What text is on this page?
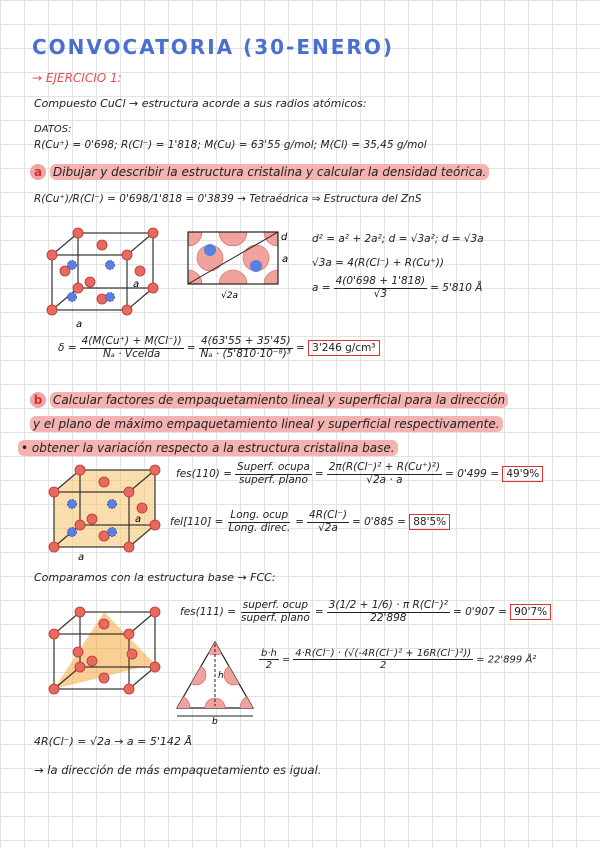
CONVOCATORIA (30-ENERO)
→ EJERCICIO 1:
Compuesto CuCl → estructura acorde a sus radios atómicos:
DATOS:
R(Cu⁺) = 0'698; R(Cl⁻) = 1'818; M(Cu) = 63'55 g/mol; M(Cl) = 35,45 g/mol
a Dibujar y describir la estructura cristalina y calcular la densidad teórica.
R(Cu⁺)/R(Cl⁻) = 0'698/1'818 = 0'3839 → Tetraédrica ⇒ Estructura del ZnS
a
a
d
a
√2a
d² = a² + 2a²; d = √3a²; d = √3a
√3a = 4(R(Cl⁻) + R(Cu⁺))
$a = \frac{4(0'698 + 1'818)}{√3} = 5'810$ Å
$\delta = \frac{4(M(Cu^+) + M(Cl^-))}{\text{Nₐ · Vcelda}} = \frac{4(63'55 + 35'45)}{\text{Nₐ · (5'810·10⁻⁸)³}} = 3'246$ g/cm³
b Calcular factores de empaquetamiento lineal y superficial para la dirección
y el plano de máximo empaquetamiento lineal y superficial respectivamente.
• obtener la variación respecto a la estructura cristalina base.
a
a
$fes(110) = \frac{\text{Superf. ocupa}}{\text{superf. plano}} = \frac{\text{2π(R(Cl⁻)² + R(Cu⁺)²)}}{√2a \cdot a} = 0'499 = 49'9\%$
$fel[110] = \frac{\text{Long. ocup}}{\text{Long. direc.}} = \frac{4R(Cl^-)}{√2a} = 0'885 = 88'5\%$
Comparamos con la estructura base → FCC:
$fes(111) = \frac{\text{superf. ocup}}{\text{superf. plano}} = \frac{\text{3(1/2 + 1/6) · π R(Cl⁻)²}}{22'898} = 0'907 = 90'7\%$
h
b
$\frac{b\cdot h}{2} = \frac{\text{4·R(Cl⁻) · (√(-4R(Cl⁻)² + 16R(Cl⁻)²))}}{2} = 22'899$ Å²
4R(Cl⁻) = √2a → a = 5'142 Å
→ la dirección de más empaquetamiento es igual.
